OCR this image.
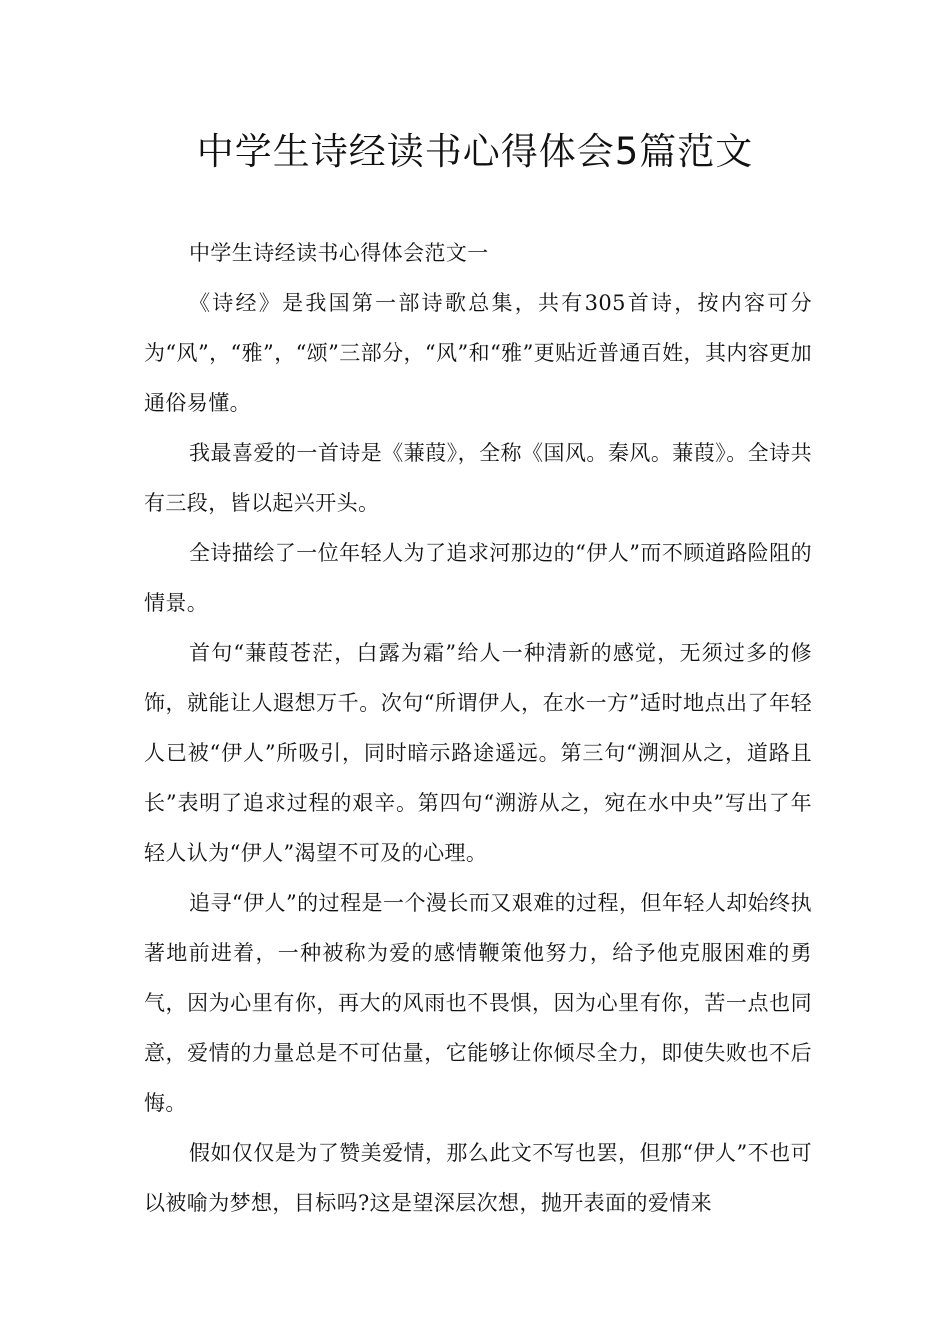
中学生诗经读书心得体会5篇范文

中学生诗经读书心得体会范文一

《诗经》是我国第一部诗歌总集，共有305首诗，按内容可分为“风”，“雅”，“颂”三部分，“风”和“雅”更贴近普通百姓，其内容更加通俗易懂。

我最喜爱的一首诗是《蒹葭》，全称《国风。秦风。蒹葭》。全诗共有三段，皆以起兴开头。

全诗描绘了一位年轻人为了追求河那边的“伊人”而不顾道路险阻的情景。

首句“蒹葭苍茫，白露为霜”给人一种清新的感觉，无须过多的修饰，就能让人遐想万千。次句“所谓伊人，在水一方”适时地点出了年轻人已被“伊人”所吸引，同时暗示路途遥远。第三句“溯洄从之，道路且长”表明了追求过程的艰辛。第四句“溯游从之，宛在水中央”写出了年轻人认为“伊人”渴望不可及的心理。

追寻“伊人”的过程是一个漫长而又艰难的过程，但年轻人却始终执著地前进着，一种被称为爱的感情鞭策他努力，给予他克服困难的勇气，因为心里有你，再大的风雨也不畏惧，因为心里有你，苦一点也同意，爱情的力量总是不可估量，它能够让你倾尽全力，即使失败也不后悔。

假如仅仅是为了赞美爱情，那么此文不写也罢，但那“伊人”不也可以被喻为梦想，目标吗?这是望深层次想，抛开表面的爱情来
